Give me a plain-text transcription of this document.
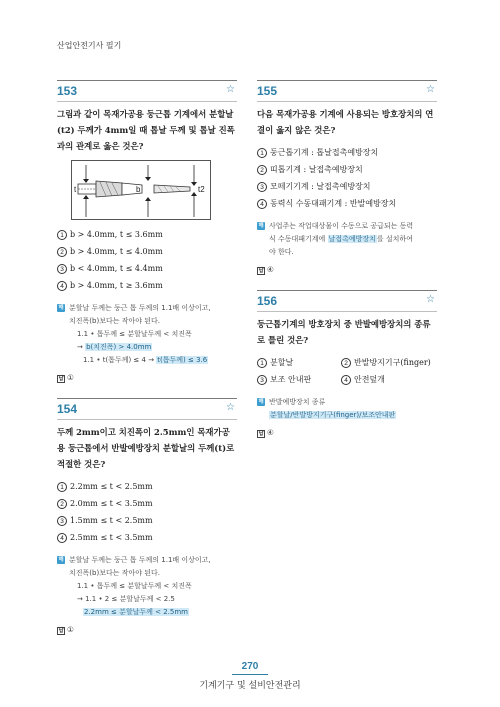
산업안전기사 필기
153	☆
그림과 같이 목재가공용 둥근톱 기계에서 분할날(t2) 두께가 4mm일 때 톱날 두께 및 톱날 진폭과의 관계로 옳은 것은?
t	b	t2
1 b > 4.0mm, t ≤ 3.6mm
2 b > 4.0mm, t ≤ 4.0mm
3 b < 4.0mm, t ≤ 4.4mm
4 b > 4.0mm, t ≥ 3.6mm
해 분할날 두께는 둥근 톱 두께의 1.1배 이상이고,
치진폭(b)보다는 작아야 된다.
1.1 • 톱두께 ≤ 분할날두께 < 치진폭
→ b(치진폭) > 4.0mm
1.1 • t(톱두께) ≤ 4 → t(톱두께) ≤ 3.6
답 ①
154	☆
두께 2mm이고 치진폭이 2.5mm인 목재가공용 둥근톱에서 반발예방장치 분할날의 두께(t)로 적절한 것은?
1 2.2mm ≤ t < 2.5mm
2 2.0mm ≤ t < 3.5mm
3 1.5mm ≤ t < 2.5mm
4 2.5mm ≤ t < 3.5mm
해 분할날 두께는 둥근 톱 두께의 1.1배 이상이고,
치진폭(b)보다는 작아야 된다.
1.1 • 톱두께 ≤ 분할날두께 < 치진폭
→ 1.1 • 2 ≤ 분할날두께 < 2.5
2.2mm ≤ 분할날두께 < 2.5mm
답 ①
155	☆
다음 목재가공용 기계에 사용되는 방호장치의 연결이 옳지 않은 것은?
1 둥근톱기계 : 톱날접촉예방장치
2 띠톱기계 : 날접촉예방장치
3 모떼기기계 : 날접촉예방장치
4 동력식 수동대패기계 : 반발예방장치
해 사업주는 작업대상물이 수동으로 공급되는 동력
식 수동대패기계에 날접촉예방장치를 설치하여
야 한다.
답 ④
156	☆
둥근톱기계의 방호장치 중 반발예방장치의 종류로 틀린 것은?
1 분할날	2 반발방지기구(finger)
3 보조 안내판	4 안전덮개
해 반발예방장치 종류
분할날/반발방지기구(finger)/보조안내판
답 ④
270
기계기구 및 설비안전관리
